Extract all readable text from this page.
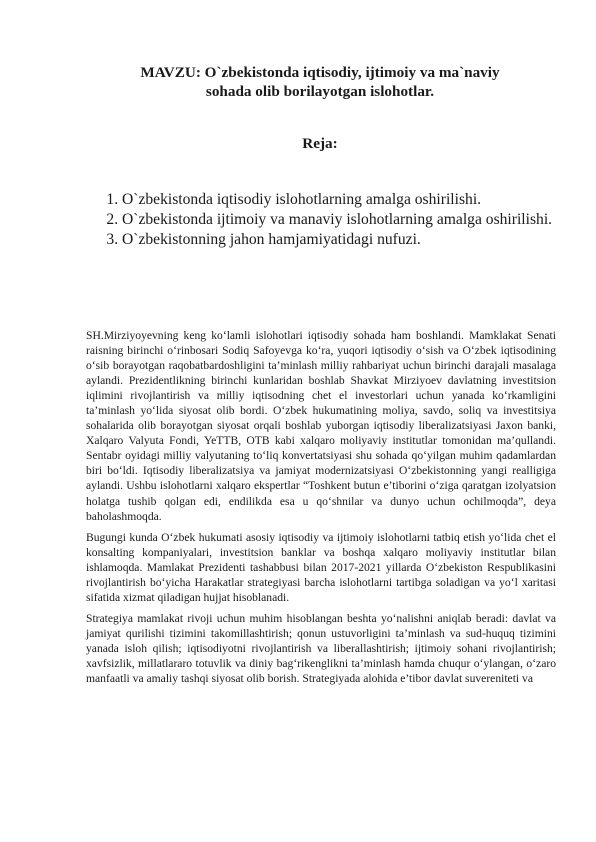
MAVZU: O`zbekistonda iqtisodiy, ijtimoiy va ma`naviy
sohada olib borilayotgan islohotlar.
Reja:
1. O`zbekistonda iqtisodiy islohotlarning amalga oshirilishi.
2. O`zbekistonda ijtimoiy va manaviy islohotlarning amalga oshirilishi.
3. O`zbekistonning jahon hamjamiyatidagi nufuzi.

SH.Mirziyoyevning keng ko‘lamli islohotlari iqtisodiy sohada ham boshlandi. Mamklakat Senati raisning birinchi o‘rinbosari Sodiq Safoyevga ko‘ra, yuqori iqtisodiy o‘sish va O‘zbek iqtisodining o‘sib borayotgan raqobatbardoshligini ta’minlash milliy rahbariyat uchun birinchi darajali masalaga aylandi. Prezidentlikning birinchi kunlaridan boshlab Shavkat Mirziyoev davlatning investitsion iqlimini rivojlantirish va milliy iqtisodning chet el investorlari uchun yanada ko‘rkamligini ta’minlash yo‘lida siyosat olib bordi. O‘zbek hukumatining moliya, savdo, soliq va investitsiya sohalarida olib borayotgan siyosat orqali boshlab yuborgan iqtisodiy liberalizatsiyasi Jaxon banki, Xalqaro Valyuta Fondi, YeTTB, OTB kabi xalqaro moliyaviy institutlar tomonidan ma’qullandi. Sentabr oyidagi milliy valyutaning to‘liq konvertatsiyasi shu sohada qo‘yilgan muhim qadamlardan biri bo‘ldi. Iqtisodiy liberalizatsiya va jamiyat modernizatsiyasi O‘zbekistonning yangi realligiga aylandi. Ushbu islohotlarni xalqaro ekspertlar “Toshkent butun e’tiborini o‘ziga qaratgan izolyatsion holatga tushib qolgan edi, endilikda esa u qo‘shnilar va dunyo uchun ochilmoqda”, deya baholashmoqda.

Bugungi kunda O‘zbek hukumati asosiy iqtisodiy va ijtimoiy islohotlarni tatbiq etish yo‘lida chet el konsalting kompaniyalari, investitsion banklar va boshqa xalqaro moliyaviy institutlar bilan ishlamoqda. Mamlakat Prezidenti tashabbusi bilan 2017-2021 yillarda O‘zbekiston Respublikasini rivojlantirish bo‘yicha Harakatlar strategiyasi barcha islohotlarni tartibga soladigan va yo‘l xaritasi sifatida xizmat qiladigan hujjat hisoblanadi.

Strategiya mamlakat rivoji uchun muhim hisoblangan beshta yo‘nalishni aniqlab beradi: davlat va jamiyat qurilishi tizimini takomillashtirish; qonun ustuvorligini ta’minlash va sud-huquq tizimini yanada isloh qilish; iqtisodiyotni rivojlantirish va liberallashtirish; ijtimoiy sohani rivojlantirish; xavfsizlik, millatlararo totuvlik va diniy bag‘rikenglikni ta’minlash hamda chuqur o‘ylangan, o‘zaro manfaatli va amaliy tashqi siyosat olib borish. Strategiyada alohida e’tibor davlat suvereniteti va
